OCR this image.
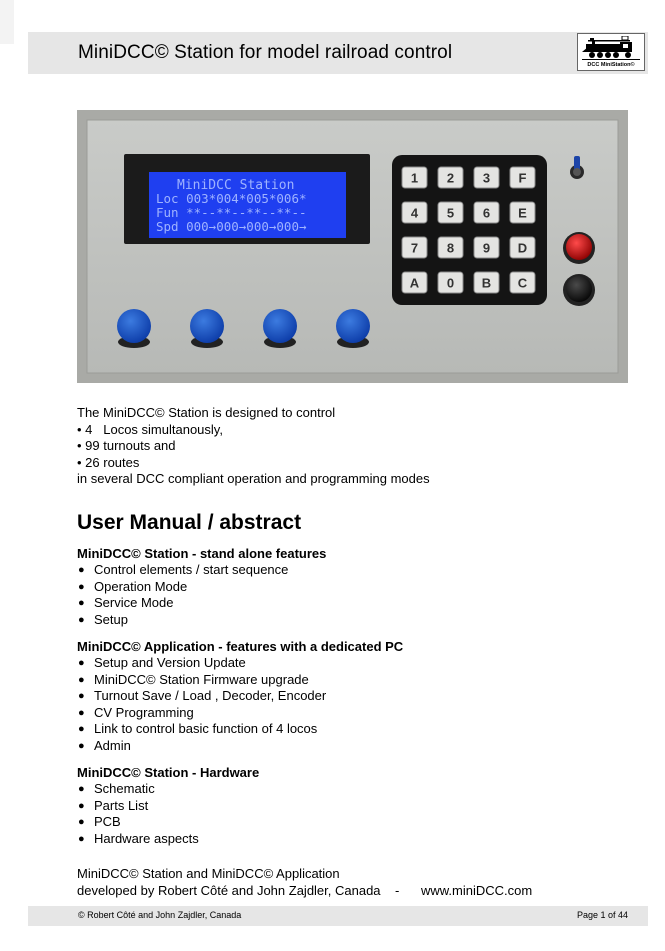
MiniDCC© Station for model railroad control
DCC MiniStation©
MiniDCC Station
Loc 003*004*005*006*
Fun **--**--**--**--
Spd 000→000→000→000→
1 2 3 F
4 5 6 E
7 8 9 D
A 0 B C
The MiniDCC© Station is designed to control
• 4   Locos simultanously,
• 99 turnouts and
• 26 routes
in several DCC compliant operation and programming modes
User Manual / abstract
MiniDCC© Station - stand alone features
● Control elements / start sequence
● Operation Mode
● Service Mode
● Setup
MiniDCC© Application - features with a dedicated PC
● Setup and Version Update
● MiniDCC© Station Firmware upgrade
● Turnout Save / Load , Decoder, Encoder
● CV Programming
● Link to control basic function of 4 locos
● Admin
MiniDCC© Station - Hardware
● Schematic
● Parts List
● PCB
● Hardware aspects
MiniDCC© Station and MiniDCC© Application
developed by Robert Côté and John Zajdler, Canada    -      www.miniDCC.com
© Robert Côté and John Zajdler, Canada	Page 1 of 44
